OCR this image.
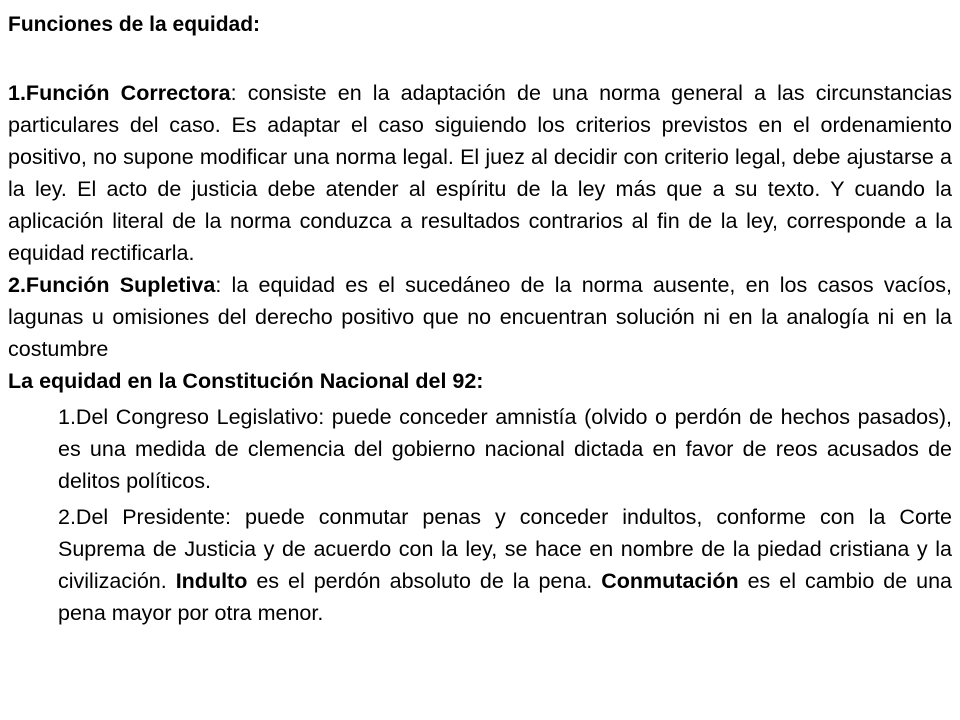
Funciones de la equidad:

1.Función Correctora: consiste en la adaptación de una norma general a las circunstancias particulares del caso. Es adaptar el caso siguiendo los criterios previstos en el ordenamiento positivo, no supone modificar una norma legal. El juez al decidir con criterio legal, debe ajustarse a la ley. El acto de justicia debe atender al espíritu de la ley más que a su texto. Y cuando la aplicación literal de la norma conduzca a resultados contrarios al fin de la ley, corresponde a la equidad rectificarla.

2.Función Supletiva: la equidad es el sucedáneo de la norma ausente, en los casos vacíos, lagunas u omisiones del derecho positivo que no encuentran solución ni en la analogía ni en la costumbre

La equidad en la Constitución Nacional del 92:

1.Del Congreso Legislativo: puede conceder amnistía (olvido o perdón de hechos pasados), es una medida de clemencia del gobierno nacional dictada en favor de reos acusados de delitos políticos.

2.Del Presidente: puede conmutar penas y conceder indultos, conforme con la Corte Suprema de Justicia y de acuerdo con la ley, se hace en nombre de la piedad cristiana y la civilización. Indulto es el perdón absoluto de la pena. Conmutación es el cambio de una pena mayor por otra menor.
